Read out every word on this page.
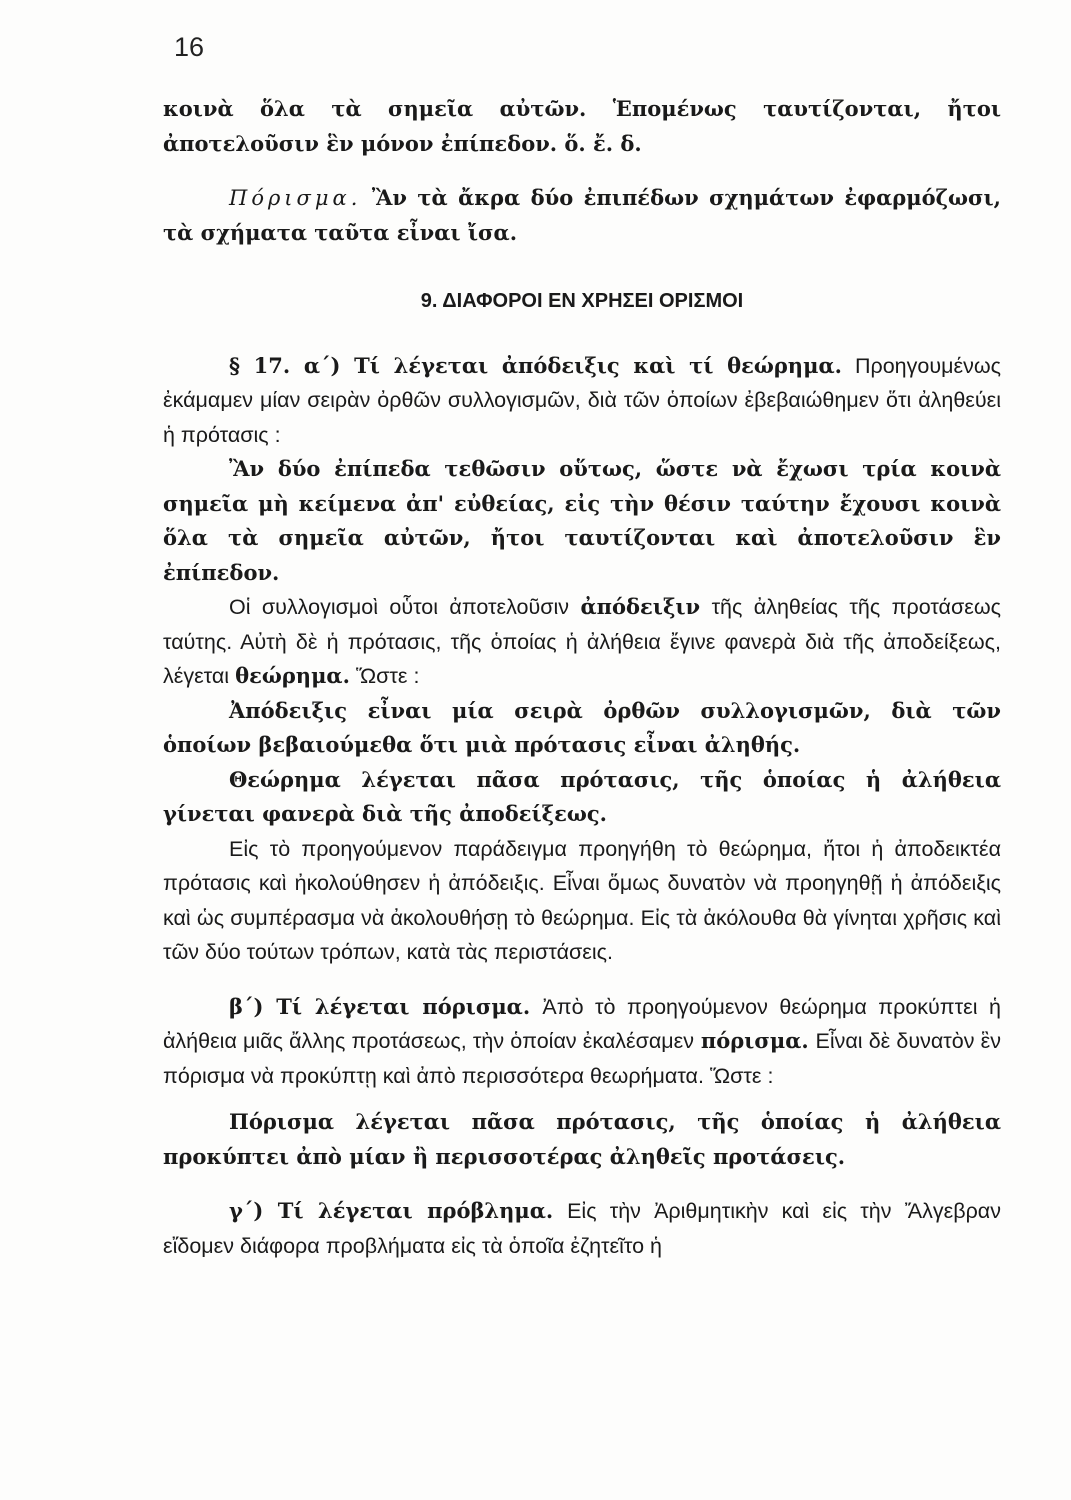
16

κοινὰ ὅλα τὰ σημεῖα αὐτῶν. Ἑπομένως ταυτίζονται, ἤτοι ἀποτελοῦσιν ἓν μόνον ἐπίπεδον. ὅ. ἔ. δ.

Πόρισμα. Ἂν τὰ ἄκρα δύο ἐπιπέδων σχημάτων ἐφαρμόζωσι, τὰ σχήματα ταῦτα εἶναι ἴσα.

9. ΔΙΑΦΟΡΟΙ ΕΝ ΧΡΗΣΕΙ ΟΡΙΣΜΟΙ

§ 17. α΄) Τί λέγεται ἀπόδειξις καὶ τί θεώρημα. Προηγουμένως ἐκάμαμεν μίαν σειρὰν ὀρθῶν συλλογισμῶν, διὰ τῶν ὁποίων ἐβεβαιώθημεν ὅτι ἀληθεύει ἡ πρότασις :

Ἂν δύο ἐπίπεδα τεθῶσιν οὕτως, ὥστε νὰ ἔχωσι τρία κοινὰ σημεῖα μὴ κείμενα ἀπ' εὐθείας, εἰς τὴν θέσιν ταύτην ἔχουσι κοινὰ ὅλα τὰ σημεῖα αὐτῶν, ἤτοι ταυτίζονται καὶ ἀποτελοῦσιν ἓν ἐπίπεδον.

Οἱ συλλογισμοὶ οὗτοι ἀποτελοῦσιν ἀπόδειξιν τῆς ἀληθείας τῆς προτάσεως ταύτης. Αὐτὴ δὲ ἡ πρότασις, τῆς ὁποίας ἡ ἀλήθεια ἔγινε φανερὰ διὰ τῆς ἀποδείξεως, λέγεται θεώρημα. Ὥστε :

Ἀπόδειξις εἶναι μία σειρὰ ὀρθῶν συλλογισμῶν, διὰ τῶν ὁποίων βεβαιούμεθα ὅτι μιὰ πρότασις εἶναι ἀληθής.

Θεώρημα λέγεται πᾶσα πρότασις, τῆς ὁποίας ἡ ἀλήθεια γίνεται φανερὰ διὰ τῆς ἀποδείξεως.

Εἰς τὸ προηγούμενον παράδειγμα προηγήθη τὸ θεώρημα, ἤτοι ἡ ἀποδεικτέα πρότασις καὶ ἠκολούθησεν ἡ ἀπόδειξις. Εἶναι ὅμως δυνατὸν νὰ προηγηθῇ ἡ ἀπόδειξις καὶ ὡς συμπέρασμα νὰ ἀκολουθήσῃ τὸ θεώρημα. Εἰς τὰ ἀκόλουθα θὰ γίνηται χρῆσις καὶ τῶν δύο τούτων τρόπων, κατὰ τὰς περιστάσεις.

β΄) Τί λέγεται πόρισμα. Ἀπὸ τὸ προηγούμενον θεώρημα προκύπτει ἡ ἀλήθεια μιᾶς ἄλλης προτάσεως, τὴν ὁποίαν ἐκαλέσαμεν πόρισμα. Εἶναι δὲ δυνατὸν ἓν πόρισμα νὰ προκύπτῃ καὶ ἀπὸ περισσότερα θεωρήματα. Ὥστε :

Πόρισμα λέγεται πᾶσα πρότασις, τῆς ὁποίας ἡ ἀλήθεια προκύπτει ἀπὸ μίαν ἢ περισσοτέρας ἀληθεῖς προτάσεις.

γ΄) Τί λέγεται πρόβλημα. Εἰς τὴν Ἀριθμητικὴν καὶ εἰς τὴν Ἄλγεβραν εἴδομεν διάφορα προβλήματα εἰς τὰ ὁποῖα ἐζητεῖτο ἡ
